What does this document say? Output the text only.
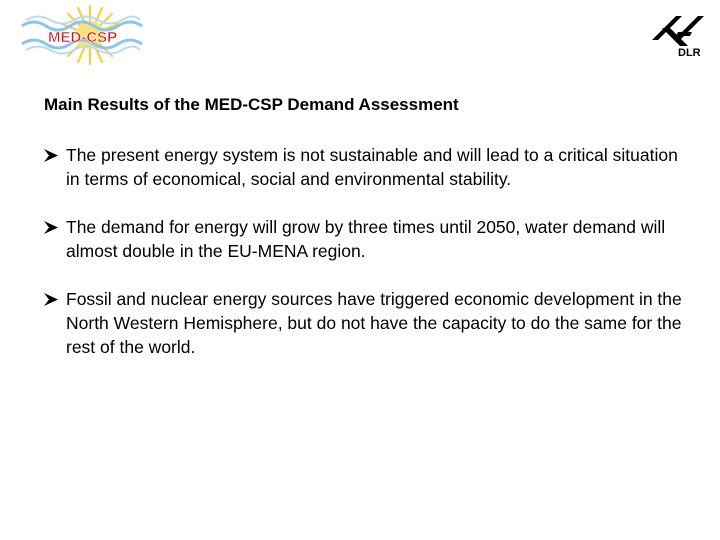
MED-CSP
DLR
Main Results of the MED-CSP Demand Assessment
The present energy system is not sustainable and will lead to a critical situation in terms of economical, social and environmental stability.
The demand for energy will grow by three times until 2050, water demand will almost double in the EU-MENA region.
Fossil and nuclear energy sources have triggered economic development in the North Western Hemisphere, but do not have the capacity to do the same for the rest of the world.
